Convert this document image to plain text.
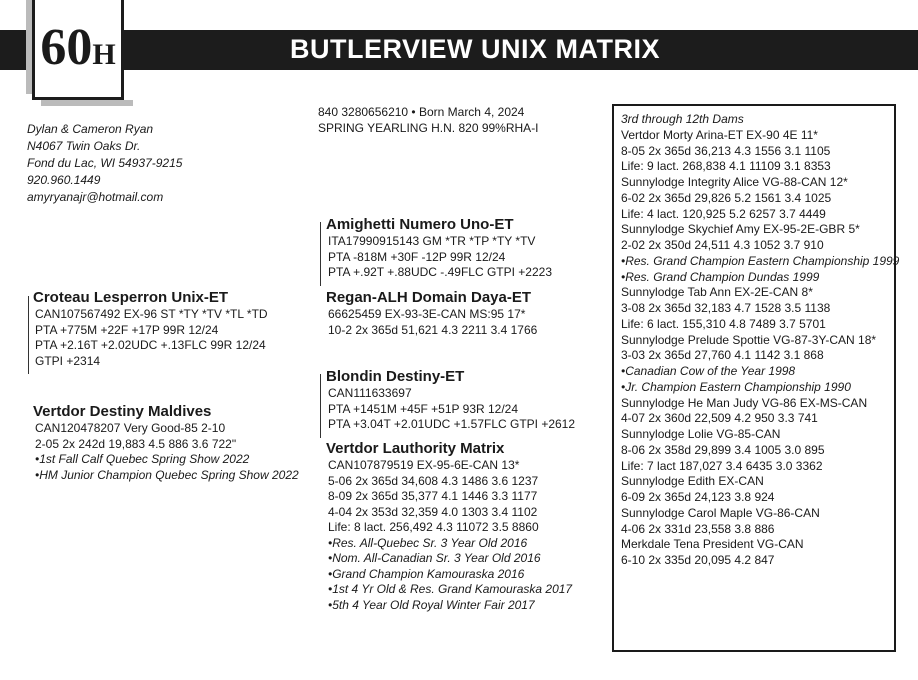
BUTLERVIEW UNIX MATRIX
60H
Dylan & Cameron Ryan
N4067 Twin Oaks Dr.
Fond du Lac, WI 54937-9215
920.960.1449
amyryanajr@hotmail.com
840 3280656210 • Born March 4, 2024
SPRING YEARLING H.N. 820 99%RHA-I
Croteau Lesperron Unix-ET
CAN107567492 EX-96 ST *TY *TV *TL *TD
PTA +775M +22F +17P 99R 12/24
PTA +2.16T +2.02UDC +.13FLC 99R 12/24
GTPI +2314
Vertdor Destiny Maldives
CAN120478207 Very Good-85 2-10
2-05 2x 242d 19,883 4.5 886 3.6 722"
•1st Fall Calf Quebec Spring Show 2022
•HM Junior Champion Quebec Spring Show 2022
Amighetti Numero Uno-ET
ITA17990915143 GM *TR *TP *TY *TV
PTA -818M +30F -12P 99R 12/24
PTA +.92T +.88UDC -.49FLC GTPI +2223
Regan-ALH Domain Daya-ET
66625459 EX-93-3E-CAN MS:95 17*
10-2 2x 365d 51,621 4.3 2211 3.4 1766
Blondin Destiny-ET
CAN111633697
PTA +1451M +45F +51P 93R 12/24
PTA +3.04T +2.01UDC +1.57FLC GTPI +2612
Vertdor Lauthority Matrix
CAN107879519 EX-95-6E-CAN 13*
5-06 2x 365d 34,608 4.3 1486 3.6 1237
8-09 2x 365d 35,377 4.1 1446 3.3 1177
4-04 2x 353d 32,359 4.0 1303 3.4 1102
Life: 8 lact. 256,492 4.3 11072 3.5 8860
•Res. All-Quebec Sr. 3 Year Old 2016
•Nom. All-Canadian Sr. 3 Year Old 2016
•Grand Champion Kamouraska 2016
•1st 4 Yr Old & Res. Grand Kamouraska 2017
•5th 4 Year Old Royal Winter Fair 2017
3rd through 12th Dams
Vertdor Morty Arina-ET EX-90 4E 11*
8-05 2x 365d 36,213 4.3 1556 3.1 1105
Life: 9 lact. 268,838 4.1 11109 3.1 8353
Sunnylodge Integrity Alice VG-88-CAN 12*
6-02 2x 365d 29,826 5.2 1561 3.4 1025
Life: 4 lact. 120,925 5.2 6257 3.7 4449
Sunnylodge Skychief Amy EX-95-2E-GBR 5*
2-02 2x 350d 24,511 4.3 1052 3.7 910
•Res. Grand Champion Eastern Championship 1999
•Res. Grand Champion Dundas 1999
Sunnylodge Tab Ann EX-2E-CAN 8*
3-08 2x 365d 32,183 4.7 1528 3.5 1138
Life: 6 lact. 155,310 4.8 7489 3.7 5701
Sunnylodge Prelude Spottie VG-87-3Y-CAN 18*
3-03 2x 365d 27,760 4.1 1142 3.1 868
•Canadian Cow of the Year 1998
•Jr. Champion Eastern Championship 1990
Sunnylodge He Man Judy VG-86 EX-MS-CAN
4-07 2x 360d 22,509 4.2 950 3.3 741
Sunnylodge Lolie VG-85-CAN
8-06 2x 358d 29,899 3.4 1005 3.0 895
Life: 7 lact 187,027 3.4 6435 3.0 3362
Sunnylodge Edith EX-CAN
6-09 2x 365d 24,123 3.8 924
Sunnylodge Carol Maple VG-86-CAN
4-06 2x 331d 23,558 3.8 886
Merkdale Tena President VG-CAN
6-10 2x 335d 20,095 4.2 847
